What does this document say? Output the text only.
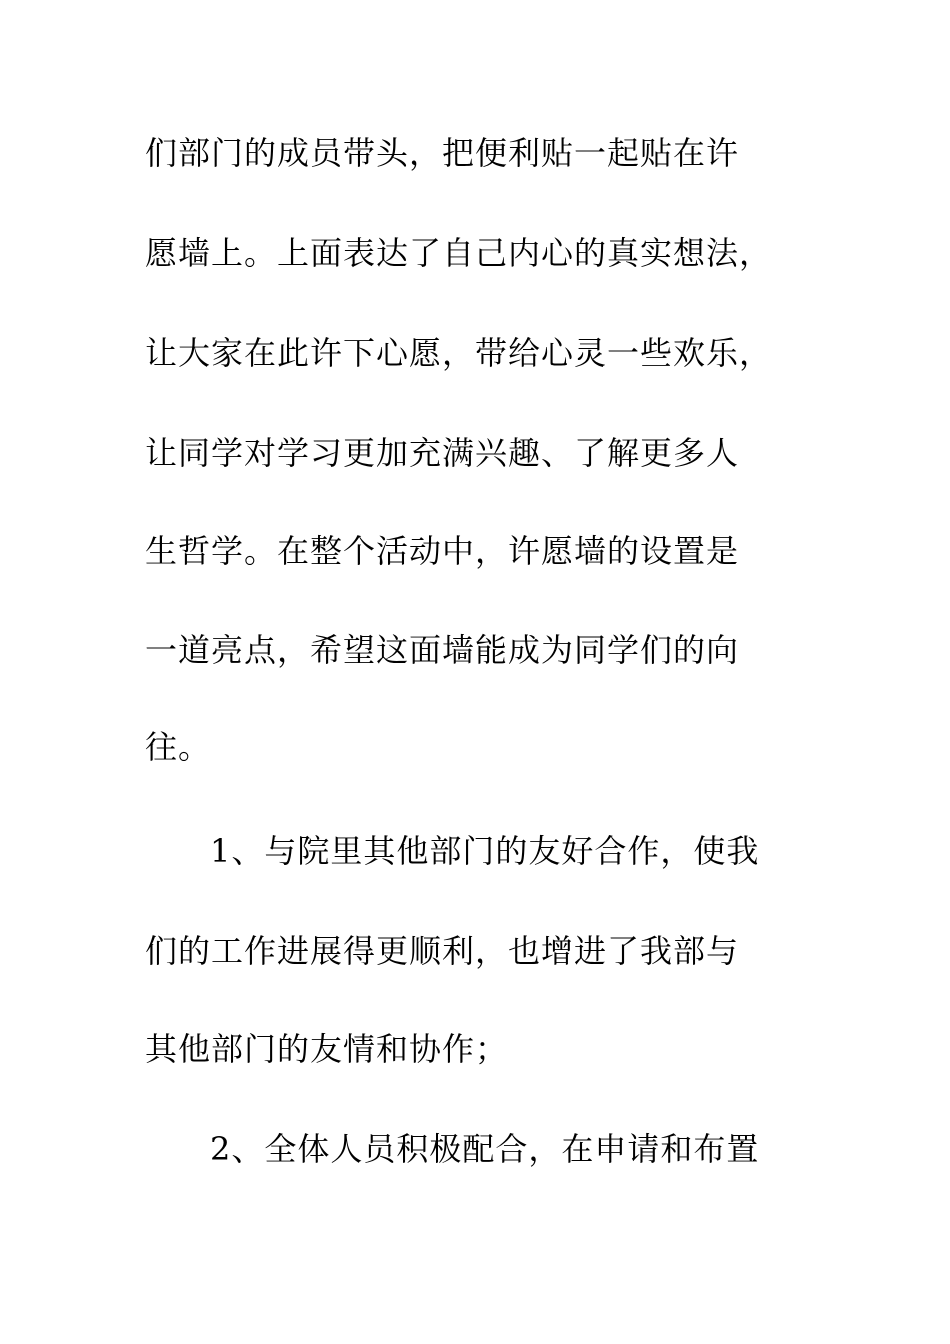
们部门的成员带头，把便利贴一起贴在许
愿墙上。上面表达了自己内心的真实想法，
让大家在此许下心愿，带给心灵一些欢乐，
让同学对学习更加充满兴趣、了解更多人
生哲学。在整个活动中，许愿墙的设置是
一道亮点，希望这面墙能成为同学们的向
往。
1、与院里其他部门的友好合作，使我
们的工作进展得更顺利，也增进了我部与
其他部门的友情和协作；
2、全体人员积极配合，在申请和布置
